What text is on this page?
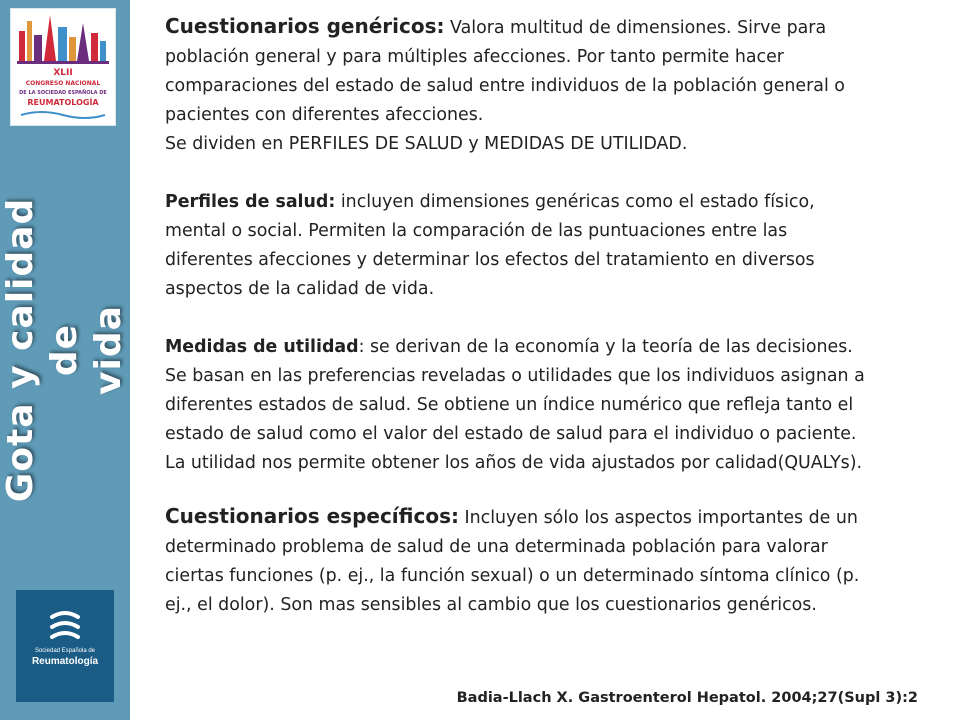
XLII
CONGRESO NACIONAL
DE LA SOCIEDAD ESPAÑOLA DE
REUMATOLOGÍA
Gota y calidad de vida
Sociedad Española de
Reumatología

Cuestionarios genéricos: Valora multitud de dimensiones. Sirve para población general y para múltiples afecciones. Por tanto permite hacer comparaciones del estado de salud entre individuos de la población general o pacientes con diferentes afecciones.

Se dividen en PERFILES DE SALUD y MEDIDAS DE UTILIDAD.

Perfiles de salud: incluyen dimensiones genéricas como el estado físico, mental o social. Permiten la comparación de las puntuaciones entre las diferentes afecciones y determinar los efectos del tratamiento en diversos aspectos de la calidad de vida.

Medidas de utilidad: se derivan de la economía y la teoría de las decisiones. Se basan en las preferencias reveladas o utilidades que los individuos asignan a diferentes estados de salud. Se obtiene un índice numérico que refleja tanto el estado de salud como el valor del estado de salud para el individuo o paciente. La utilidad nos permite obtener los años de vida ajustados por calidad(QUALYs).

Cuestionarios específicos: Incluyen sólo los aspectos importantes de un determinado problema de salud de una determinada población para valorar ciertas funciones (p. ej., la función sexual) o un determinado síntoma clínico (p. ej., el dolor). Son mas sensibles al cambio que los cuestionarios genéricos.

Badia-Llach X. Gastroenterol Hepatol. 2004;27(Supl 3):2
